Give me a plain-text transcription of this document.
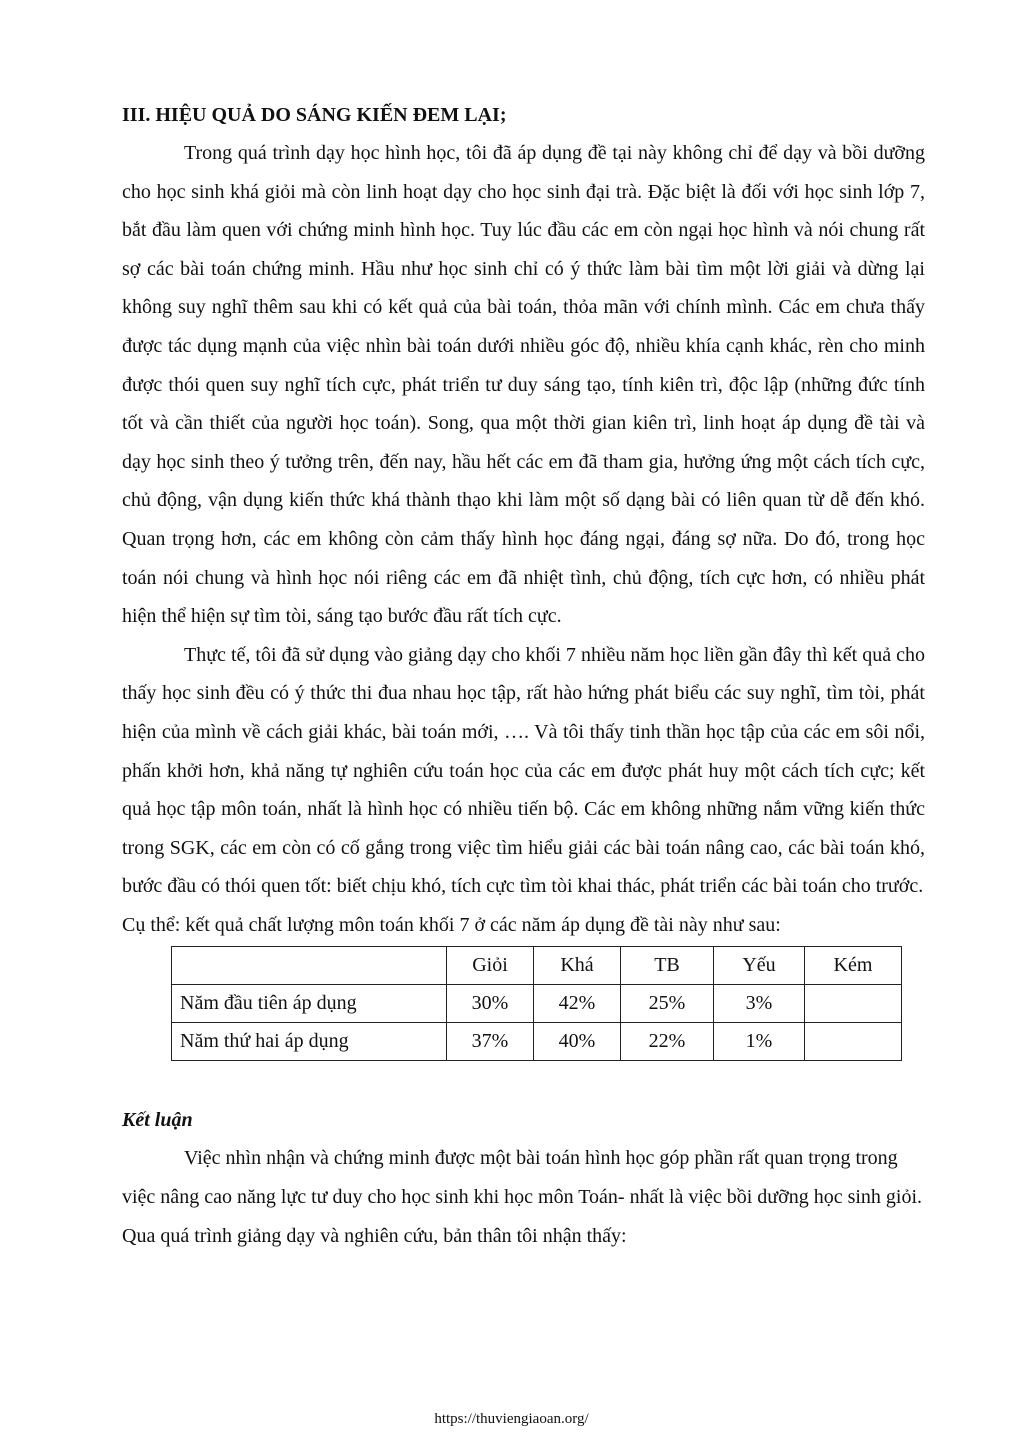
III. HIỆU QUẢ DO SÁNG KIẾN ĐEM LẠI;

Trong quá trình dạy học hình học, tôi đã áp dụng đề tại này không chỉ để dạy và bồi dưỡng cho học sinh khá giỏi mà còn linh hoạt dạy cho học sinh đại trà. Đặc biệt là đối với học sinh lớp 7, bắt đầu làm quen với chứng minh hình học. Tuy lúc đầu các em còn ngại học hình và nói chung rất sợ các bài toán chứng minh. Hầu như học sinh chỉ có ý thức làm bài tìm một lời giải và dừng lại không suy nghĩ thêm sau khi có kết quả của bài toán, thỏa mãn với chính mình. Các em chưa thấy được tác dụng mạnh của việc nhìn bài toán dưới nhiều góc độ, nhiều khía cạnh khác, rèn cho minh được thói quen suy nghĩ tích cực, phát triển tư duy sáng tạo, tính kiên trì, độc lập (những đức tính tốt và cần thiết của người học toán). Song, qua một thời gian kiên trì, linh hoạt áp dụng đề tài và dạy học sinh theo ý tưởng trên, đến nay, hầu hết các em đã tham gia, hưởng ứng một cách tích cực, chủ động, vận dụng kiến thức khá thành thạo khi làm một số dạng bài có liên quan từ dễ đến khó. Quan trọng hơn, các em không còn cảm thấy hình học đáng ngại, đáng sợ nữa. Do đó, trong học toán nói chung và hình học nói riêng các em đã nhiệt tình, chủ động, tích cực hơn, có nhiều phát hiện thể hiện sự tìm tòi, sáng tạo bước đầu rất tích cực.

Thực tế, tôi đã sử dụng vào giảng dạy cho khối 7 nhiều năm học liền gần đây thì kết quả cho thấy học sinh đều có ý thức thi đua nhau học tập, rất hào hứng phát biểu các suy nghĩ, tìm tòi, phát hiện của mình về cách giải khác, bài toán mới, …. Và tôi thấy tinh thần học tập của các em sôi nổi, phấn khởi hơn, khả năng tự nghiên cứu toán học của các em được phát huy một cách tích cực; kết quả học tập môn toán, nhất là hình học có nhiều tiến bộ. Các em không những nắm vững kiến thức trong SGK, các em còn có cố gắng trong việc tìm hiểu giải các bài toán nâng cao, các bài toán khó, bước đầu có thói quen tốt: biết chịu khó, tích cực tìm tòi khai thác, phát triển các bài toán cho trước.

Cụ thể: kết quả chất lượng môn toán khối 7 ở các năm áp dụng đề tài này như sau:

	Giỏi	Khá	TB	Yếu	Kém
Năm đầu tiên áp dụng	30%	42%	25%	3%	
Năm thứ hai áp dụng	37%	40%	22%	1%	
Kết luận

Việc nhìn nhận và chứng minh được một bài toán hình học góp phần rất quan trọng trong việc nâng cao năng lực tư duy cho học sinh khi học môn Toán- nhất là việc bồi dưỡng học sinh giỏi. Qua quá trình giảng dạy và nghiên cứu, bản thân tôi nhận thấy:

https://thuviengiaoan.org/
